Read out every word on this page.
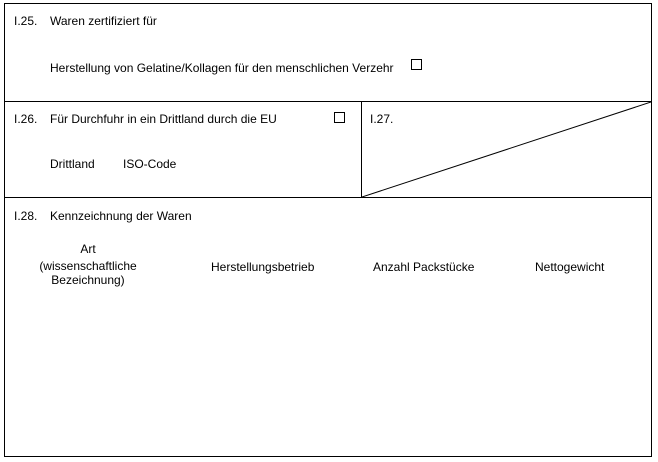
I.25. Waren zertifiziert für
Herstellung von Gelatine/Kollagen für den menschlichen Verzehr
I.26. Für Durchfuhr in ein Drittland durch die EU
Drittland ISO-Code
I.27.
I.28. Kennzeichnung der Waren
Art
(wissenschaftliche
Bezeichnung)
Herstellungsbetrieb	Anzahl Packstücke	Nettogewicht
